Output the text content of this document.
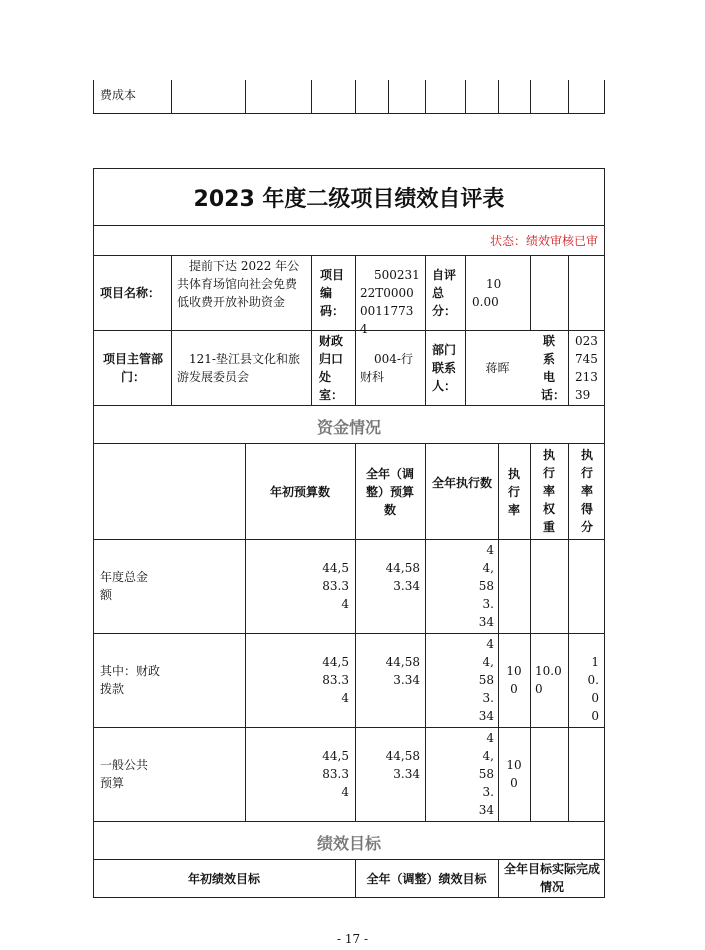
费成本
2023 年度二级项目绩效自评表
状态：绩效审核已审
项目名称：
提前下达 2022 年公共体育场馆向社会免费低收费开放补助资金
项目编码：
50023122T000000117734
自评总分：
100.00
项目主管部门：
121-垫江县文化和旅游发展委员会
财政归口处室：
004-行财科
部门联系人：
蒋晖
联系电话：
02374521339
资金情况
年初预算数
全年（调整）预算数
全年执行数
执行率
执行率权重
执行率得分
年度总金额
44,583.34
44,583.34
44,583.34
其中：财政拨款
44,583.34
44,583.34
44,583.34
100
10.00
10.00
一般公共预算
44,583.34
44,583.34
44,583.34
100
绩效目标
年初绩效目标	全年（调整）绩效目标
全年目标实际完成情况
- 17 -
